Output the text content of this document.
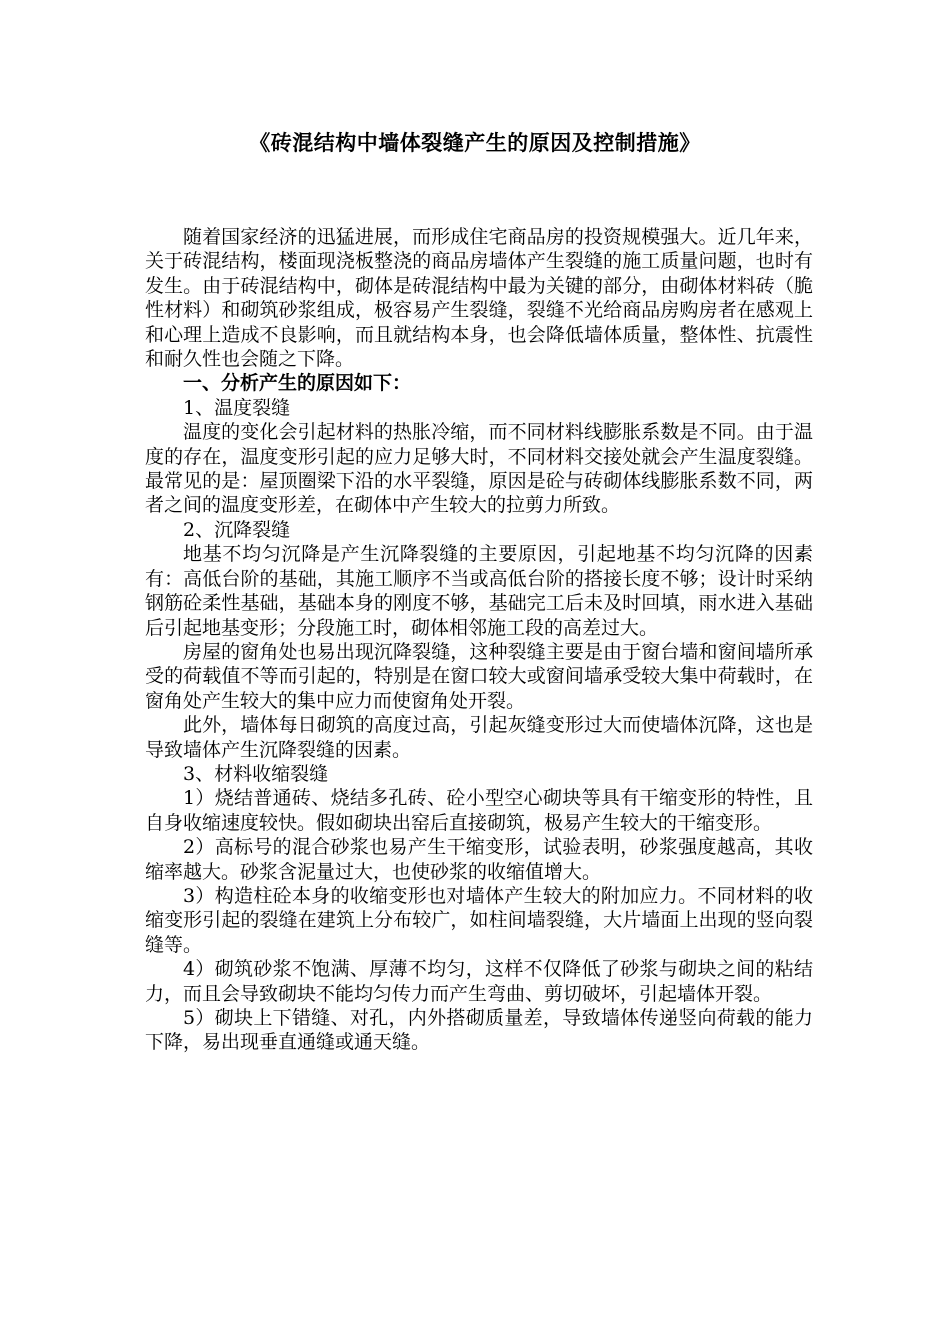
《砖混结构中墙体裂缝产生的原因及控制措施》

随着国家经济的迅猛进展，而形成住宅商品房的投资规模强大。近几年来，关于砖混结构，楼面现浇板整浇的商品房墙体产生裂缝的施工质量问题，也时有发生。由于砖混结构中，砌体是砖混结构中最为关键的部分，由砌体材料砖（脆性材料）和砌筑砂浆组成，极容易产生裂缝，裂缝不光给商品房购房者在感观上和心理上造成不良影响，而且就结构本身，也会降低墙体质量，整体性、抗震性和耐久性也会随之下降。

一、分析产生的原因如下：

1、温度裂缝

温度的变化会引起材料的热胀冷缩，而不同材料线膨胀系数是不同。由于温度的存在，温度变形引起的应力足够大时，不同材料交接处就会产生温度裂缝。最常见的是：屋顶圈梁下沿的水平裂缝，原因是砼与砖砌体线膨胀系数不同，两者之间的温度变形差，在砌体中产生较大的拉剪力所致。

2、沉降裂缝

地基不均匀沉降是产生沉降裂缝的主要原因，引起地基不均匀沉降的因素有：高低台阶的基础，其施工顺序不当或高低台阶的搭接长度不够；设计时采纳钢筋砼柔性基础，基础本身的刚度不够，基础完工后未及时回填，雨水进入基础后引起地基变形；分段施工时，砌体相邻施工段的高差过大。

房屋的窗角处也易出现沉降裂缝，这种裂缝主要是由于窗台墙和窗间墙所承受的荷载值不等而引起的，特别是在窗口较大或窗间墙承受较大集中荷载时，在窗角处产生较大的集中应力而使窗角处开裂。

此外，墙体每日砌筑的高度过高，引起灰缝变形过大而使墙体沉降，这也是导致墙体产生沉降裂缝的因素。

3、材料收缩裂缝

1）烧结普通砖、烧结多孔砖、砼小型空心砌块等具有干缩变形的特性，且自身收缩速度较快。假如砌块出窑后直接砌筑，极易产生较大的干缩变形。

2）高标号的混合砂浆也易产生干缩变形，试验表明，砂浆强度越高，其收缩率越大。砂浆含泥量过大，也使砂浆的收缩值增大。

3）构造柱砼本身的收缩变形也对墙体产生较大的附加应力。不同材料的收缩变形引起的裂缝在建筑上分布较广，如柱间墙裂缝，大片墙面上出现的竖向裂缝等。

4）砌筑砂浆不饱满、厚薄不均匀，这样不仅降低了砂浆与砌块之间的粘结力，而且会导致砌块不能均匀传力而产生弯曲、剪切破坏，引起墙体开裂。

5）砌块上下错缝、对孔，内外搭砌质量差，导致墙体传递竖向荷载的能力下降，易出现垂直通缝或通天缝。
